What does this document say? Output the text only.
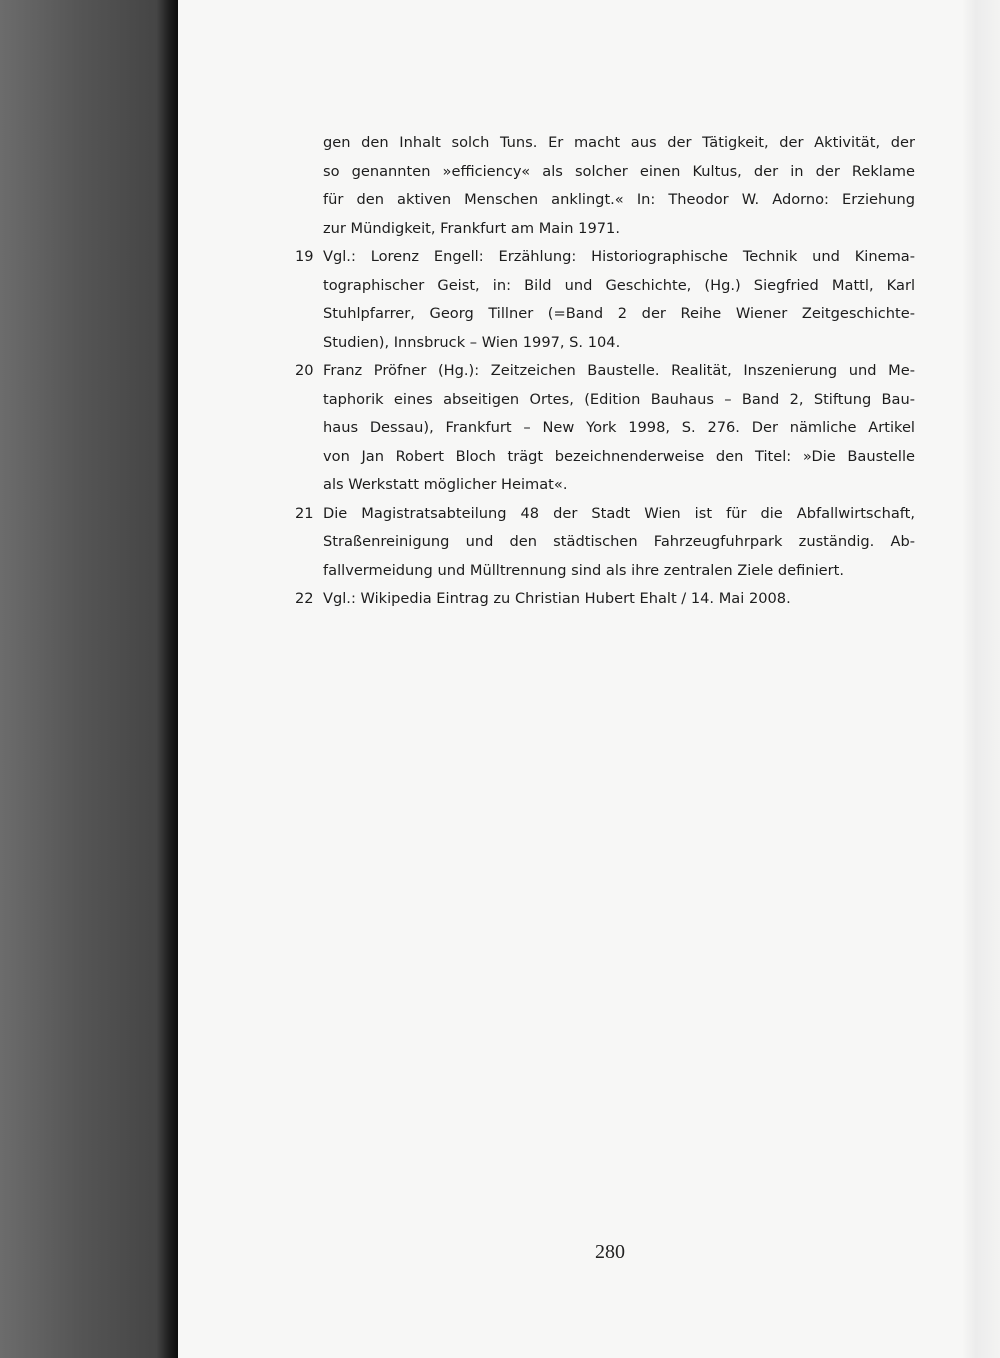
gen den Inhalt solch Tuns. Er macht aus der Tätigkeit, der Aktivität, der
so genannten »efficiency« als solcher einen Kultus, der in der Reklame
für den aktiven Menschen anklingt.« In: Theodor W. Adorno: Erziehung
zur Mündigkeit, Frankfurt am Main 1971.
19 Vgl.: Lorenz Engell: Erzählung: Historiographische Technik und Kinema-
tographischer Geist, in: Bild und Geschichte, (Hg.) Siegfried Mattl, Karl
Stuhlpfarrer, Georg Tillner (=Band 2 der Reihe Wiener Zeitgeschichte-
Studien), Innsbruck – Wien 1997, S. 104.
20 Franz Pröfner (Hg.): Zeitzeichen Baustelle. Realität, Inszenierung und Me-
taphorik eines abseitigen Ortes, (Edition Bauhaus – Band 2, Stiftung Bau-
haus Dessau), Frankfurt – New York 1998, S. 276. Der nämliche Artikel
von Jan Robert Bloch trägt bezeichnenderweise den Titel: »Die Baustelle
als Werkstatt möglicher Heimat«.
21 Die Magistratsabteilung 48 der Stadt Wien ist für die Abfallwirtschaft,
Straßenreinigung und den städtischen Fahrzeugfuhrpark zuständig. Ab-
fallvermeidung und Mülltrennung sind als ihre zentralen Ziele definiert.
22 Vgl.: Wikipedia Eintrag zu Christian Hubert Ehalt / 14. Mai 2008.
280
